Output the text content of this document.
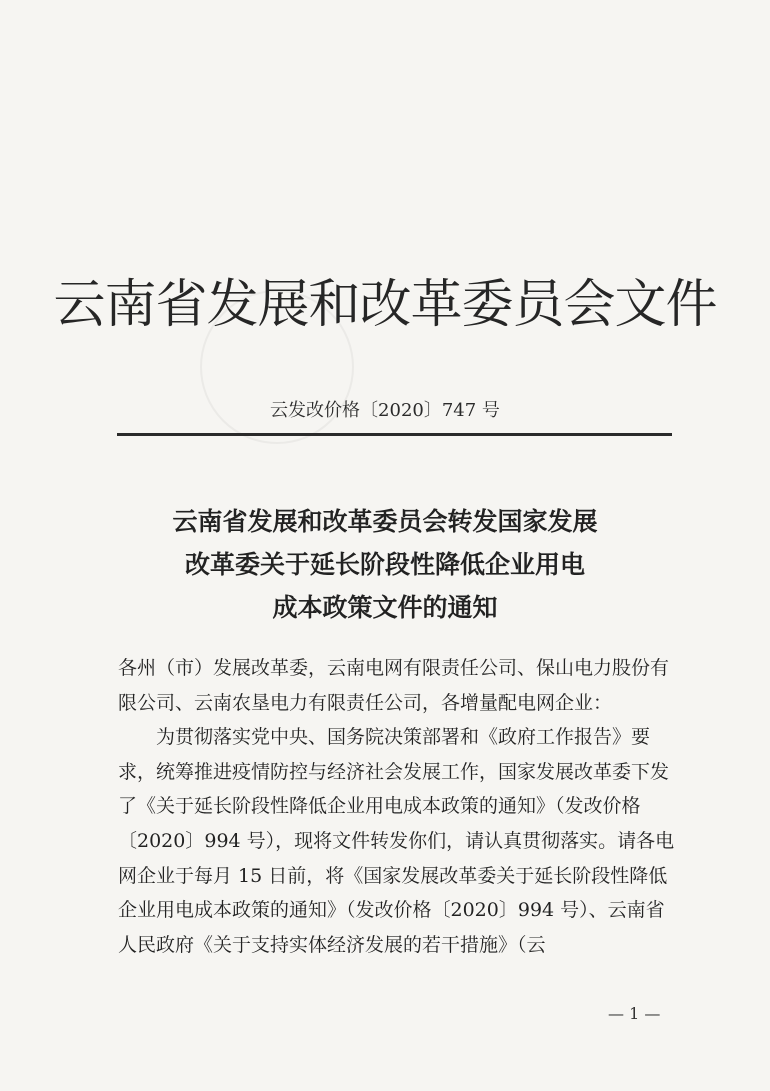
云南省发展和改革委员会文件
云发改价格〔2020〕747 号
云南省发展和改革委员会转发国家发展
改革委关于延长阶段性降低企业用电
成本政策文件的通知

各州（市）发展改革委，云南电网有限责任公司、保山电力股份有限公司、云南农垦电力有限责任公司，各增量配电网企业：

为贯彻落实党中央、国务院决策部署和《政府工作报告》要求，统筹推进疫情防控与经济社会发展工作，国家发展改革委下发了《关于延长阶段性降低企业用电成本政策的通知》（发改价格〔2020〕994 号），现将文件转发你们，请认真贯彻落实。请各电网企业于每月 15 日前，将《国家发展改革委关于延长阶段性降低企业用电成本政策的通知》（发改价格〔2020〕994 号）、云南省人民政府《关于支持实体经济发展的若干措施》（云

— 1 —
